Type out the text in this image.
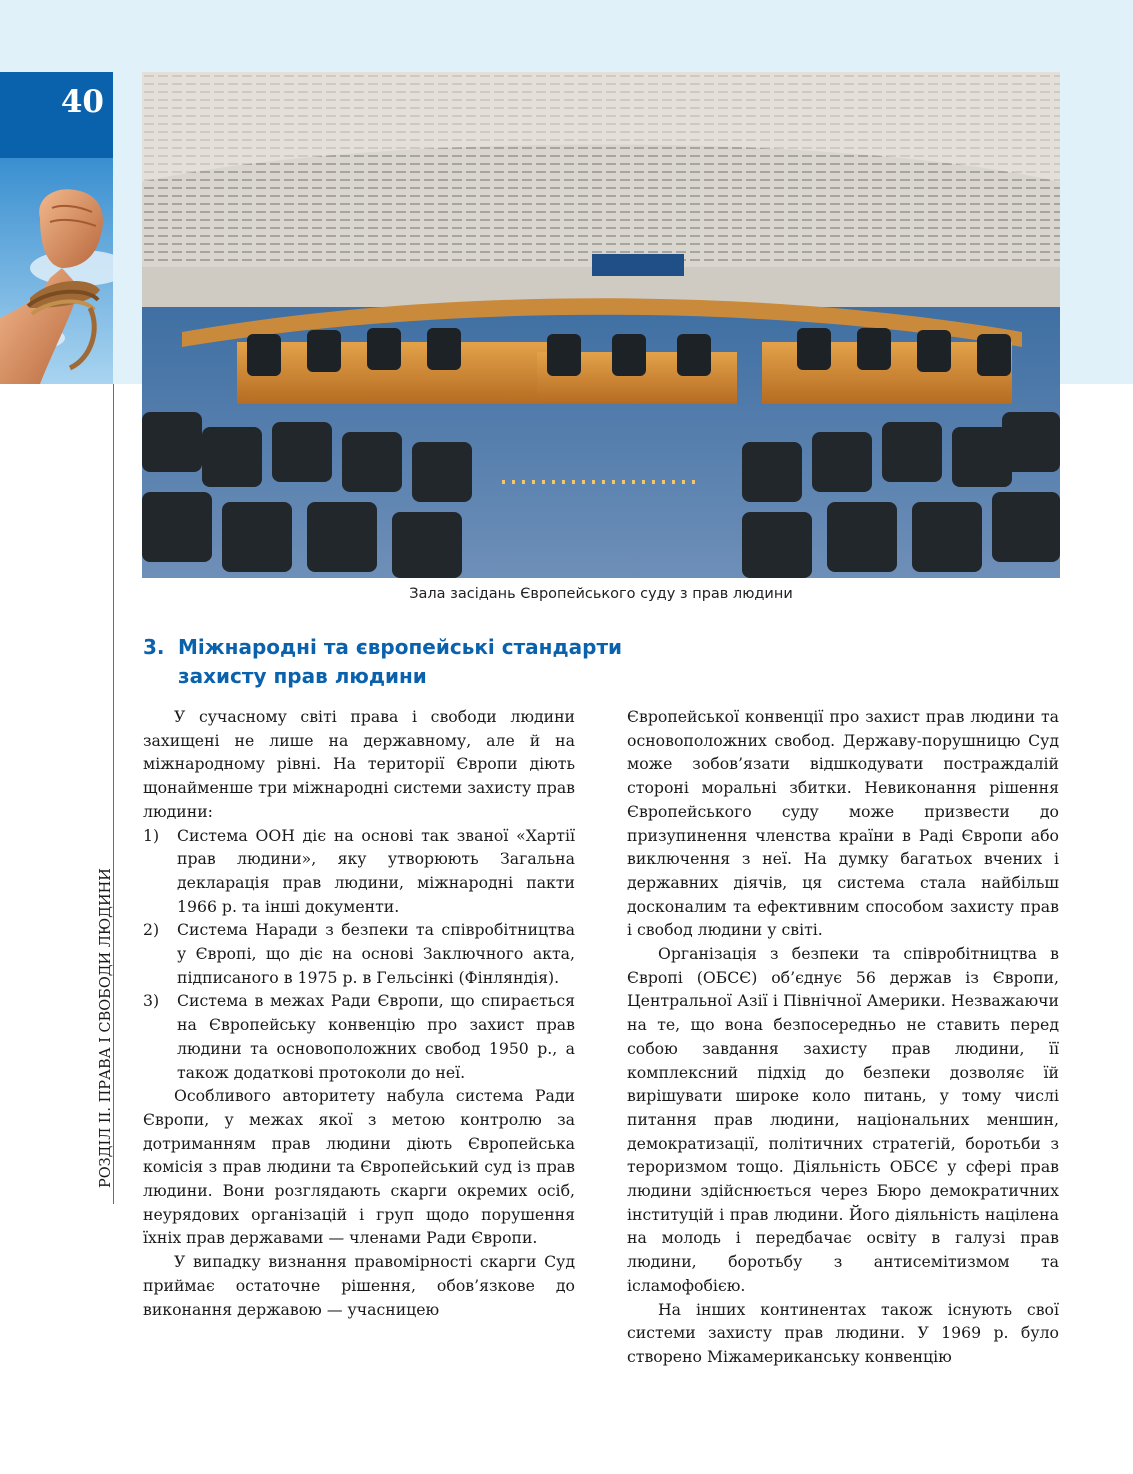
40
РОЗДІЛ II. ПРАВА І СВОБОДИ ЛЮДИНИ
Зала засідань Європейського суду з прав людини
3. Міжнародні та європейські стандарти захисту прав людини

У сучасному світі права і свободи людини захищені не лише на державному, але й на міжнародному рівні. На території Європи діють щонайменше три міжнародні системи захисту прав людини:

1) Система ООН діє на основі так званої «Хартії прав людини», яку утворюють Загальна декларація прав людини, міжнародні пакти 1966 р. та інші документи.

2) Система Наради з безпеки та співробітництва у Європі, що діє на основі Заключного акта, підписаного в 1975 р. в Гельсінкі (Фінляндія).

3) Система в межах Ради Європи, що спирається на Європейську конвенцію про захист прав людини та основоположних свобод 1950 р., а також додаткові протоколи до неї.

Особливого авторитету набула система Ради Європи, у межах якої з метою контролю за дотриманням прав людини діють Європейська комісія з прав людини та Європейський суд із прав людини. Вони розглядають скарги окремих осіб, неурядових організацій і груп щодо порушення їхніх прав державами — членами Ради Європи.

У випадку визнання правомірності скарги Суд приймає остаточне рішення, обов’язкове до виконання державою — учасницею

Європейської конвенції про захист прав людини та основоположних свобод. Державу-порушницю Суд може зобов’язати відшкодувати постраждалій стороні моральні збитки. Невиконання рішення Європейського суду може призвести до призупинення членства країни в Раді Європи або виключення з неї. На думку багатьох вчених і державних діячів, ця система стала найбільш досконалим та ефективним способом захисту прав і свобод людини у світі.

Організація з безпеки та співробітництва в Європі (ОБСЄ) об’єднує 56 держав із Європи, Центральної Азії і Північної Америки. Незважаючи на те, що вона безпосередньо не ставить перед собою завдання захисту прав людини, її комплексний підхід до безпеки дозволяє їй вирішувати широке коло питань, у тому числі питання прав людини, національних меншин, демократизації, політичних стратегій, боротьби з тероризмом тощо. Діяльність ОБСЄ у сфері прав людини здійснюється через Бюро демократичних інституцій і прав людини. Його діяльність націлена на молодь і передбачає освіту в галузі прав людини, боротьбу з антисемітизмом та ісламофобією.

На інших континентах також існують свої системи захисту прав людини. У 1969 р. було створено Міжамериканську конвенцію
